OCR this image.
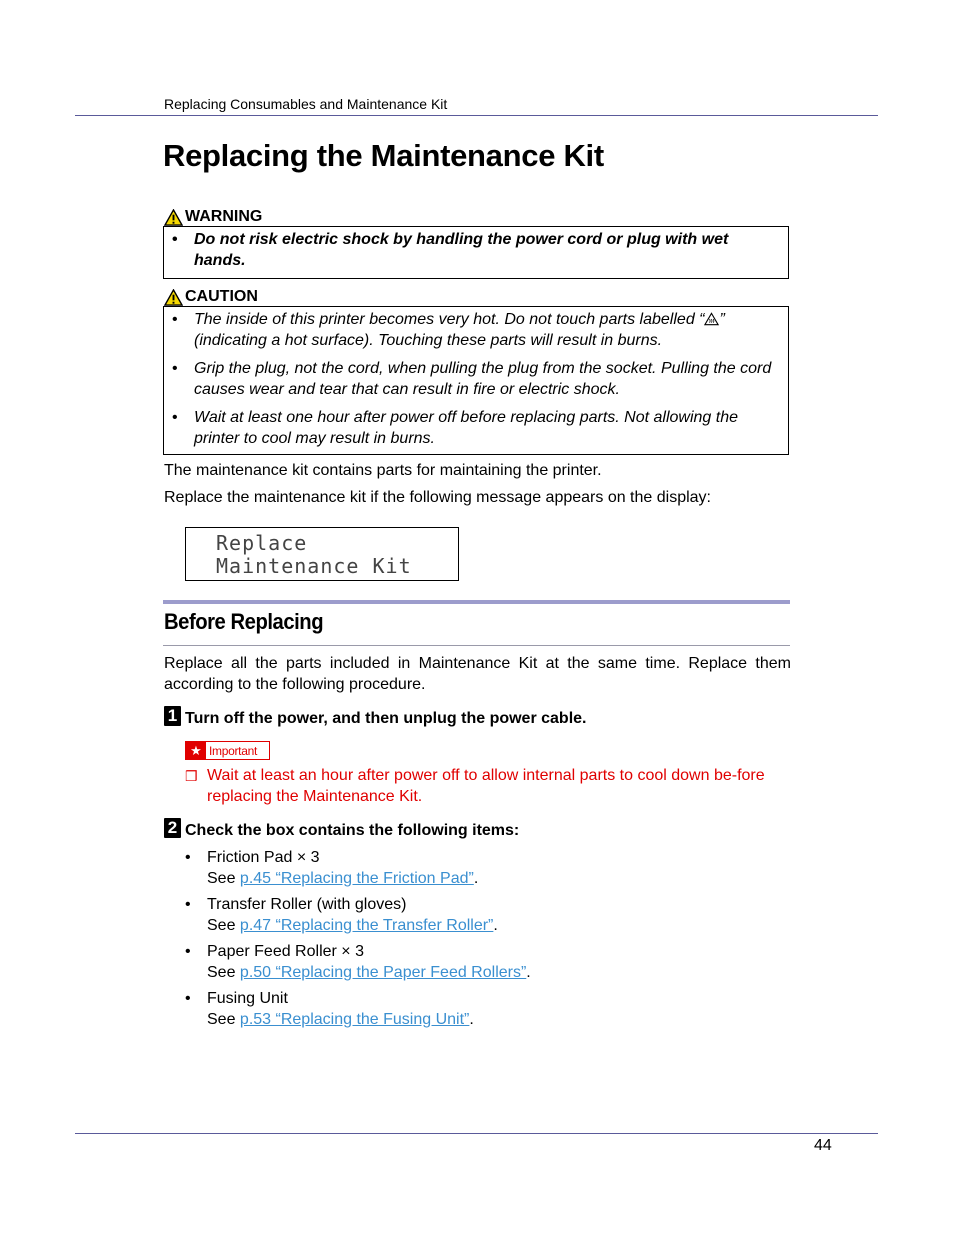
Replacing Consumables and Maintenance Kit
Replacing the Maintenance Kit
WARNING
• Do not risk electric shock by handling the power cord or plug with wet hands.
CAUTION
• The inside of this printer becomes very hot. Do not touch parts labelled “ ” (indicating a hot surface). Touching these parts will result in burns.
• Grip the plug, not the cord, when pulling the plug from the socket. Pulling the cord causes wear and tear that can result in fire or electric shock.
• Wait at least one hour after power off before replacing parts. Not allowing the printer to cool may result in burns.
The maintenance kit contains parts for maintaining the printer.
Replace the maintenance kit if the following message appears on the display:
Replace
Maintenance Kit
Before Replacing
Replace all the parts included in Maintenance Kit at the same time. Replace them according to the following procedure.
1 Turn off the power, and then unplug the power cable.
★ Important
❒ Wait at least an hour after power off to allow internal parts to cool down be-fore replacing the Maintenance Kit.
2 Check the box contains the following items:
• Friction Pad × 3
See p.45 “Replacing the Friction Pad”.
• Transfer Roller (with gloves)
See p.47 “Replacing the Transfer Roller”.
• Paper Feed Roller × 3
See p.50 “Replacing the Paper Feed Rollers”.
• Fusing Unit
See p.53 “Replacing the Fusing Unit”.
44
